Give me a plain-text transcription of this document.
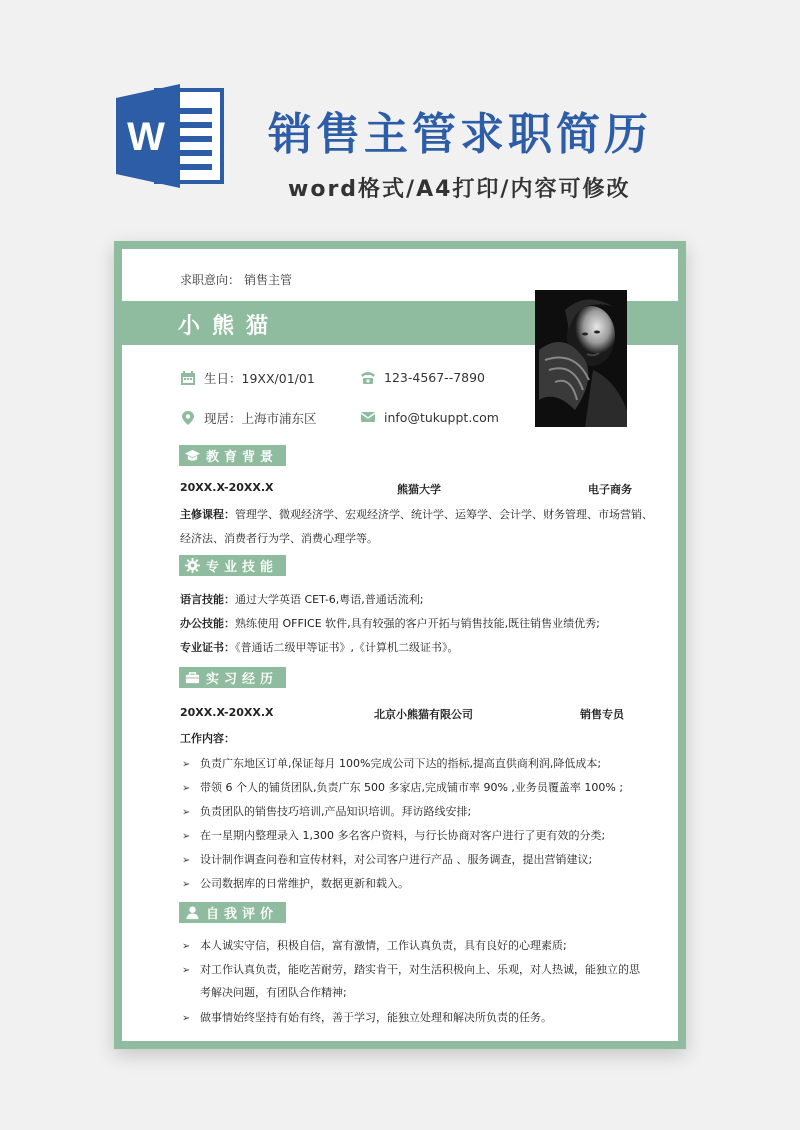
W 销售主管求职简历
word格式/A4打印/内容可修改
求职意向： 销售主管
小熊猫
生日：19XX/01/01	123-4567--7890
现居：上海市浦东区	info@tukuppt.com
教育背景
20XX.X-20XX.X	熊猫大学	电子商务
主修课程：管理学、微观经济学、宏观经济学、统计学、运筹学、会计学、财务管理、市场营销、
经济法、消费者行为学、消费心理学等。
专业技能
语言技能：通过大学英语 CET-6,粤语,普通话流利;
办公技能：熟练使用 OFFICE 软件,具有较强的客户开拓与销售技能,既往销售业绩优秀;
专业证书：《普通话二级甲等证书》,《计算机二级证书》。
实习经历
20XX.X-20XX.X	北京小熊猫有限公司	销售专员
工作内容：
➢ 负责广东地区订单,保证每月 100%完成公司下达的指标,提高直供商利润,降低成本;
➢ 带领 6 个人的铺货团队,负责广东 500 多家店,完成铺市率 90% ,业务员覆盖率 100% ;
➢ 负责团队的销售技巧培训,产品知识培训。拜访路线安排;
➢ 在一星期内整理录入 1,300 多名客户资料，与行长协商对客户进行了更有效的分类;
➢ 设计制作调查问卷和宣传材料，对公司客户进行产品 、服务调查，提出营销建议;
➢ 公司数据库的日常维护，数据更新和载入。
自我评价
➢ 本人诚实守信，积极自信，富有激情，工作认真负责，具有良好的心理素质;
➢ 对工作认真负责，能吃苦耐劳，踏实肯干，对生活积极向上、乐观，对人热诚，能独立的思
考解决问题，有团队合作精神;
➢ 做事情始终坚持有始有终，善于学习，能独立处理和解决所负责的任务。
